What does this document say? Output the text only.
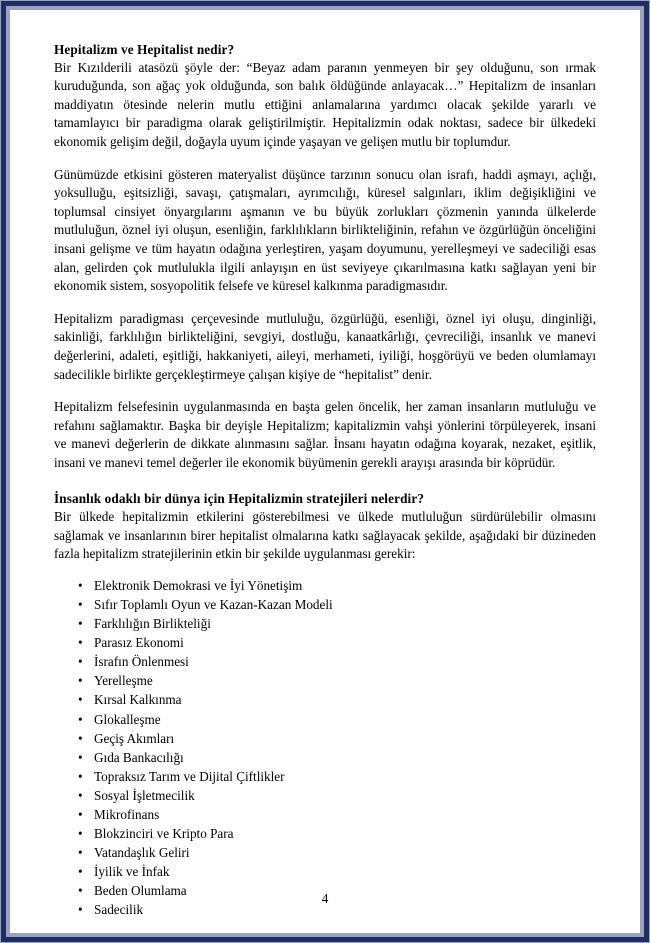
Hepitalizm ve Hepitalist nedir?

Bir Kızılderili atasözü şöyle der: “Beyaz adam paranın yenmeyen bir şey olduğunu, son ırmak kuruduğunda, son ağaç yok olduğunda, son balık öldüğünde anlayacak…” Hepitalizm de insanları maddiyatın ötesinde nelerin mutlu ettiğini anlamalarına yardımcı olacak şekilde yararlı ve tamamlayıcı bir paradigma olarak geliştirilmiştir. Hepitalizmin odak noktası, sadece bir ülkedeki ekonomik gelişim değil, doğayla uyum içinde yaşayan ve gelişen mutlu bir toplumdur.

Günümüzde etkisini gösteren materyalist düşünce tarzının sonucu olan israfı, haddi aşmayı, açlığı, yoksulluğu, eşitsizliği, savaşı, çatışmaları, ayrımcılığı, küresel salgınları, iklim değişikliğini ve toplumsal cinsiyet önyargılarını aşmanın ve bu büyük zorlukları çözmenin yanında ülkelerde mutluluğun, öznel iyi oluşun, esenliğin, farklılıkların birlikteliğinin, refahın ve özgürlüğün önceliğini insani gelişme ve tüm hayatın odağına yerleştiren, yaşam doyumunu, yerelleşmeyi ve sadeciliği esas alan, gelirden çok mutlulukla ilgili anlayışın en üst seviyeye çıkarılmasına katkı sağlayan yeni bir ekonomik sistem, sosyopolitik felsefe ve küresel kalkınma paradigmasıdır.

Hepitalizm paradigması çerçevesinde mutluluğu, özgürlüğü, esenliği, öznel iyi oluşu, dinginliği, sakinliği, farklılığın birlikteliğini, sevgiyi, dostluğu, kanaatkârlığı, çevreciliği, insanlık ve manevi değerlerini, adaleti, eşitliği, hakkaniyeti, aileyi, merhameti, iyiliği, hoşgörüyü ve beden olumlamayı sadecilikle birlikte gerçekleştirmeye çalışan kişiye de “hepitalist” denir.

Hepitalizm felsefesinin uygulanmasında en başta gelen öncelik, her zaman insanların mutluluğu ve refahını sağlamaktır. Başka bir deyişle Hepitalizm; kapitalizmin vahşi yönlerini törpüleyerek, insani ve manevi değerlerin de dikkate alınmasını sağlar. İnsanı hayatın odağına koyarak, nezaket, eşitlik, insani ve manevi temel değerler ile ekonomik büyümenin gerekli arayışı arasında bir köprüdür.

İnsanlık odaklı bir dünya için Hepitalizmin stratejileri nelerdir?

Bir ülkede hepitalizmin etkilerini gösterebilmesi ve ülkede mutluluğun sürdürülebilir olmasını sağlamak ve insanlarının birer hepitalist olmalarına katkı sağlayacak şekilde, aşağıdaki bir düzineden fazla hepitalizm stratejilerinin etkin bir şekilde uygulanması gerekir:

• Elektronik Demokrasi ve İyi Yönetişim
• Sıfır Toplamlı Oyun ve Kazan-Kazan Modeli
• Farklılığın Birlikteliği
• Parasız Ekonomi
• İsrafın Önlenmesi
• Yerelleşme
• Kırsal Kalkınma
• Glokalleşme
• Geçiş Akımları
• Gıda Bankacılığı
• Topraksız Tarım ve Dijital Çiftlikler
• Sosyal İşletmecilik
• Mikrofinans
• Blokzinciri ve Kripto Para
• Vatandaşlık Geliri
• İyilik ve İnfak
• Beden Olumlama
• Sadecilik
4
